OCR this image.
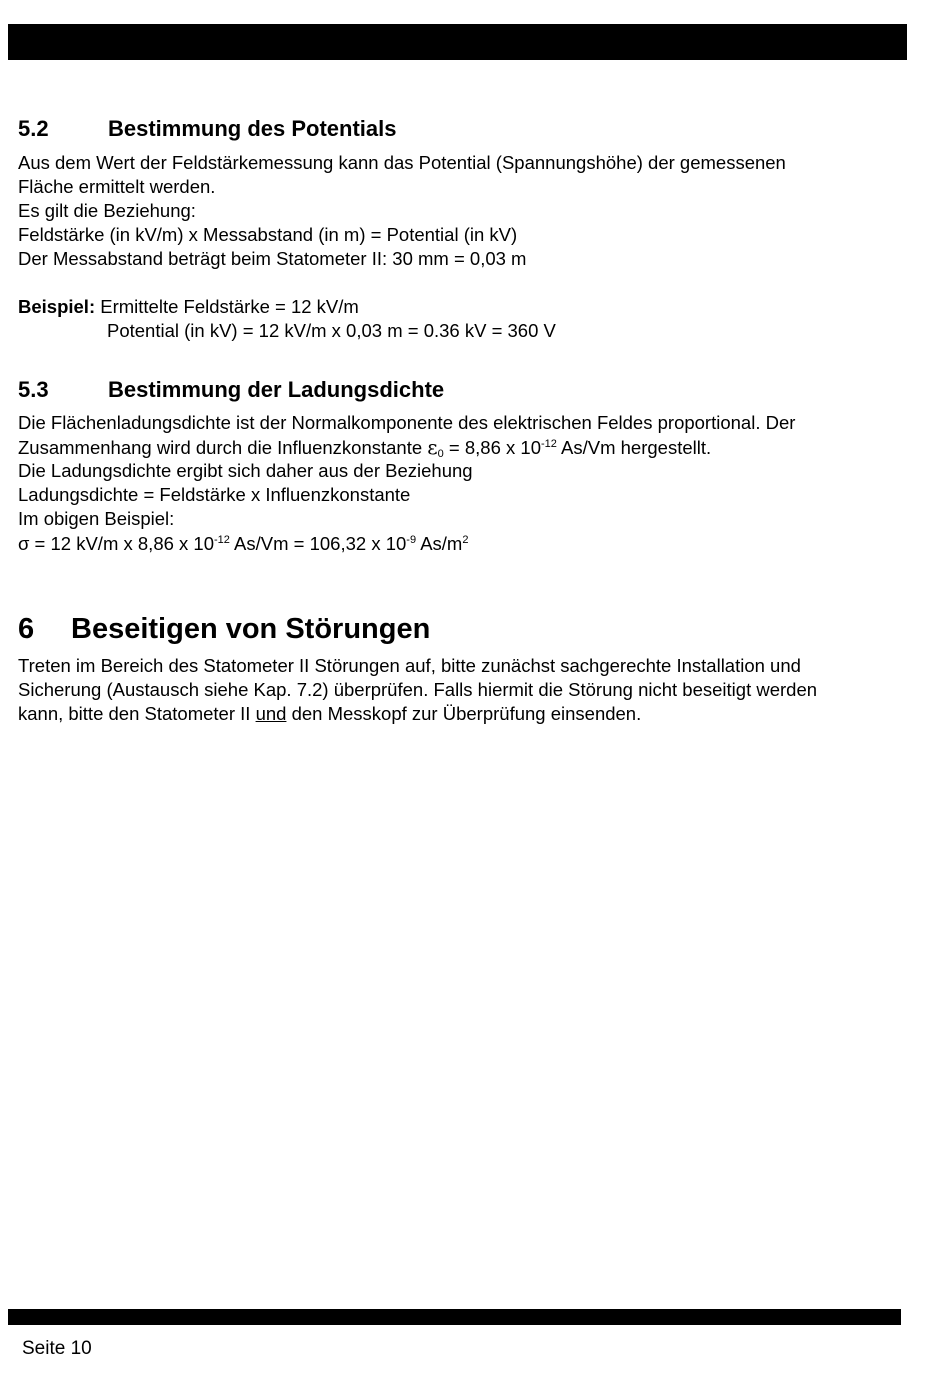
5.2	Bestimmung des Potentials
Aus dem Wert der Feldstärkemessung kann das Potential (Spannungshöhe) der gemessenen
Fläche ermittelt werden.
Es gilt die Beziehung:
Feldstärke (in kV/m) x Messabstand (in m) = Potential (in kV)
Der Messabstand beträgt beim Statometer II: 30 mm = 0,03 m
Beispiel: Ermittelte Feldstärke = 12 kV/m
Potential (in kV) = 12 kV/m x 0,03 m = 0.36 kV = 360 V
5.3	Bestimmung der Ladungsdichte
Die Flächenladungsdichte ist der Normalkomponente des elektrischen Feldes proportional. Der
Zusammenhang wird durch die Influenzkonstante $\varepsilon_0 = 8,86$ x $10^{-12}$ As/Vm hergestellt.
Die Ladungsdichte ergibt sich daher aus der Beziehung
Ladungsdichte = Feldstärke x Influenzkonstante
Im obigen Beispiel:
σ = 12 kV/m x 8,86 x $10^{-12}$ As/Vm = 106,32 x $10^{-9}$ $As/m^2$
6 Beseitigen von Störungen
Treten im Bereich des Statometer II Störungen auf, bitte zunächst sachgerechte Installation und
Sicherung (Austausch siehe Kap. 7.2) überprüfen. Falls hiermit die Störung nicht beseitigt werden
kann, bitte den Statometer II und den Messkopf zur Überprüfung einsenden.
Seite 10
